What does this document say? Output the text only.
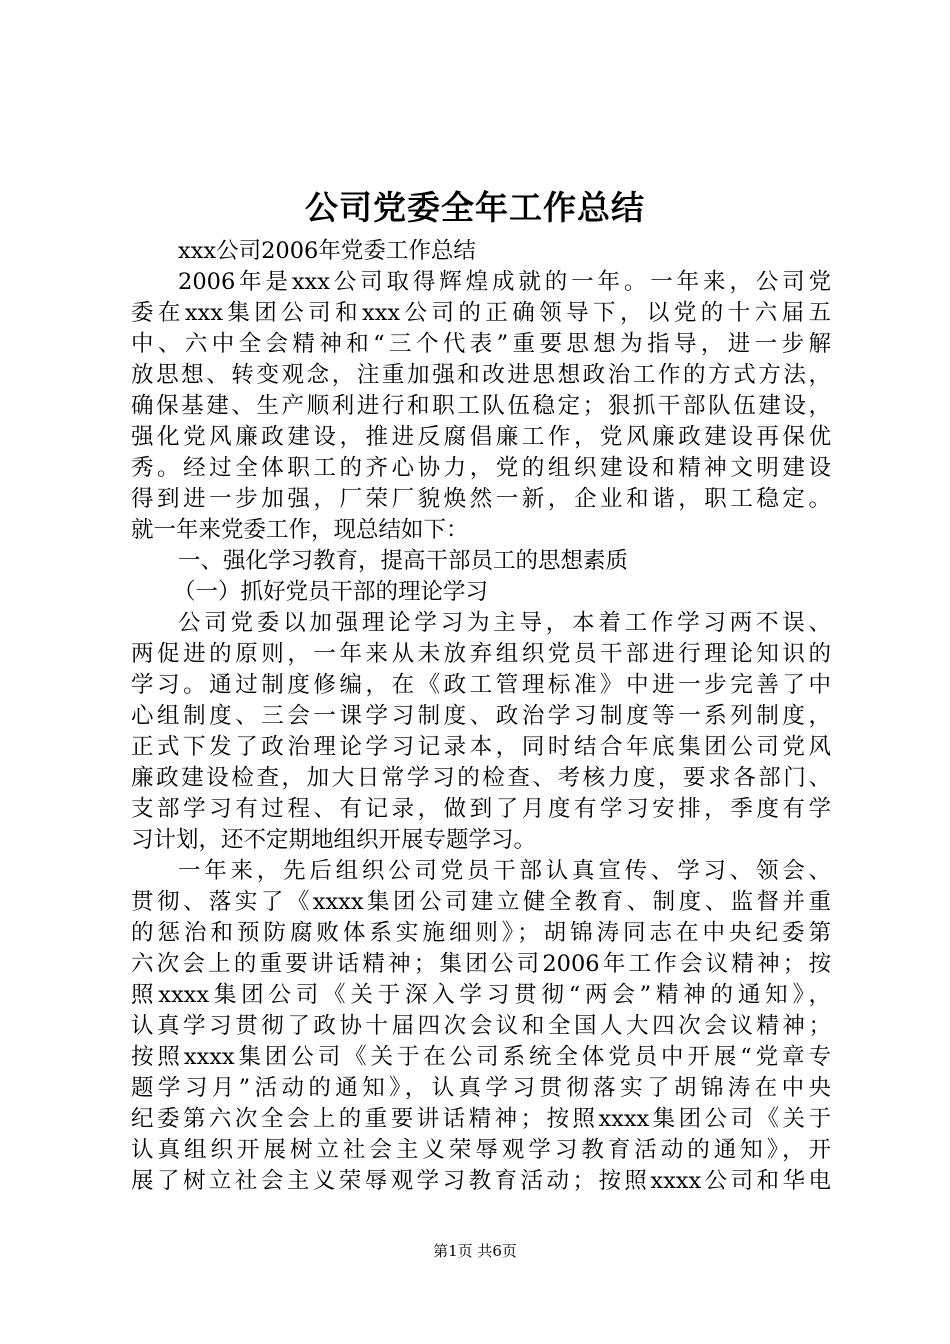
公司党委全年工作总结
xxx公司2006年党委工作总结
2006年是xxx公司取得辉煌成就的一年。一年来，公司党
委在xxx集团公司和xxx公司的正确领导下，以党的十六届五
中、六中全会精神和“三个代表”重要思想为指导，进一步解
放思想、转变观念，注重加强和改进思想政治工作的方式方法，
确保基建、生产顺利进行和职工队伍稳定；狠抓干部队伍建设，
强化党风廉政建设，推进反腐倡廉工作，党风廉政建设再保优
秀。经过全体职工的齐心协力，党的组织建设和精神文明建设
得到进一步加强，厂荣厂貌焕然一新，企业和谐，职工稳定。
就一年来党委工作，现总结如下：
一、强化学习教育，提高干部员工的思想素质
（一）抓好党员干部的理论学习
公司党委以加强理论学习为主导，本着工作学习两不误、
两促进的原则，一年来从未放弃组织党员干部进行理论知识的
学习。通过制度修编，在《政工管理标准》中进一步完善了中
心组制度、三会一课学习制度、政治学习制度等一系列制度，
正式下发了政治理论学习记录本，同时结合年底集团公司党风
廉政建设检查，加大日常学习的检查、考核力度，要求各部门、
支部学习有过程、有记录，做到了月度有学习安排，季度有学
习计划，还不定期地组织开展专题学习。
一年来，先后组织公司党员干部认真宣传、学习、领会、
贯彻、落实了《xxxx集团公司建立健全教育、制度、监督并重
的惩治和预防腐败体系实施细则》；胡锦涛同志在中央纪委第
六次会上的重要讲话精神；集团公司2006年工作会议精神；按
照xxxx集团公司《关于深入学习贯彻“两会”精神的通知》，
认真学习贯彻了政协十届四次会议和全国人大四次会议精神；
按照xxxx集团公司《关于在公司系统全体党员中开展“党章专
题学习月”活动的通知》，认真学习贯彻落实了胡锦涛在中央
纪委第六次全会上的重要讲话精神；按照xxxx集团公司《关于
认真组织开展树立社会主义荣辱观学习教育活动的通知》，开
展了树立社会主义荣辱观学习教育活动；按照xxxx公司和华电
第1页 共6页
